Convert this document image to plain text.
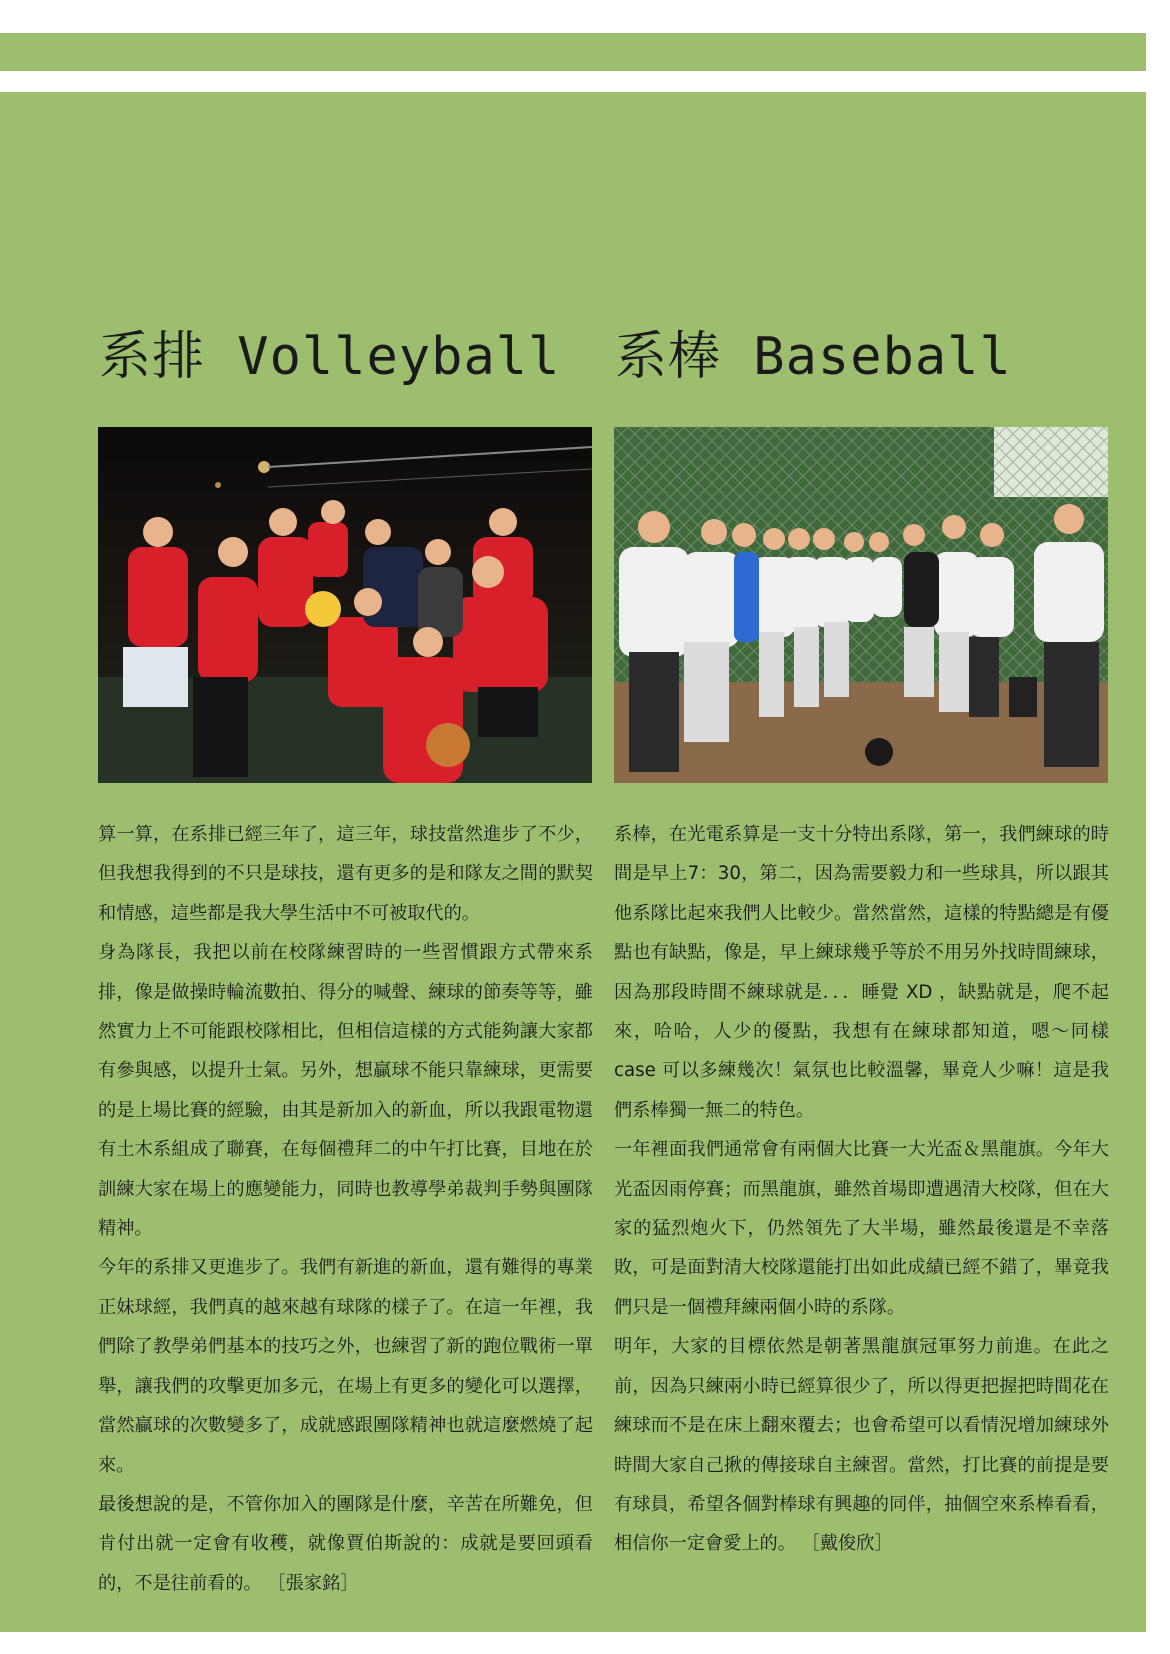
系排 Volleyball 系棒 Baseball

算一算，在系排已經三年了，這三年，球技當然進步了不少，但我想我得到的不只是球技，還有更多的是和隊友之間的默契和情感，這些都是我大學生活中不可被取代的。

身為隊長，我把以前在校隊練習時的一些習慣跟方式帶來系排，像是做操時輪流數拍、得分的喊聲、練球的節奏等等，雖然實力上不可能跟校隊相比，但相信這樣的方式能夠讓大家都有參與感，以提升士氣。另外，想贏球不能只靠練球，更需要的是上場比賽的經驗，由其是新加入的新血，所以我跟電物還有土木系組成了聯賽，在每個禮拜二的中午打比賽，目地在於訓練大家在場上的應變能力，同時也教導學弟裁判手勢與團隊精神。

今年的系排又更進步了。我們有新進的新血，還有難得的專業正妹球經，我們真的越來越有球隊的樣子了。在這一年裡，我們除了教學弟們基本的技巧之外，也練習了新的跑位戰術一單舉，讓我們的攻擊更加多元，在場上有更多的變化可以選擇，當然贏球的次數變多了，成就感跟團隊精神也就這麼燃燒了起來。

最後想說的是，不管你加入的團隊是什麼，辛苦在所難免，但肯付出就一定會有收穫，就像賈伯斯說的：成就是要回頭看的，不是往前看的。 ［張家銘］

系棒，在光電系算是一支十分特出系隊，第一，我們練球的時間是早上7：30，第二，因為需要毅力和一些球具，所以跟其他系隊比起來我們人比較少。當然當然，這樣的特點總是有優點也有缺點，像是，早上練球幾乎等於不用另外找時間練球，因為那段時間不練球就是．．．睡覺 XD ，缺點就是，爬不起來，哈哈，人少的優點，我想有在練球都知道，嗯～同樣 case 可以多練幾次！氣氛也比較溫馨，畢竟人少嘛！這是我們系棒獨一無二的特色。

一年裡面我們通常會有兩個大比賽一大光盃＆黑龍旗。今年大光盃因雨停賽；而黑龍旗，雖然首場即遭遇清大校隊，但在大家的猛烈炮火下，仍然領先了大半場，雖然最後還是不幸落敗，可是面對清大校隊還能打出如此成績已經不錯了，畢竟我們只是一個禮拜練兩個小時的系隊。

明年，大家的目標依然是朝著黑龍旗冠軍努力前進。在此之前，因為只練兩小時已經算很少了，所以得更把握把時間花在練球而不是在床上翻來覆去；也會希望可以看情況增加練球外時間大家自己揪的傳接球自主練習。當然，打比賽的前提是要有球員，希望各個對棒球有興趣的同伴，抽個空來系棒看看，相信你一定會愛上的。 ［戴俊欣］
